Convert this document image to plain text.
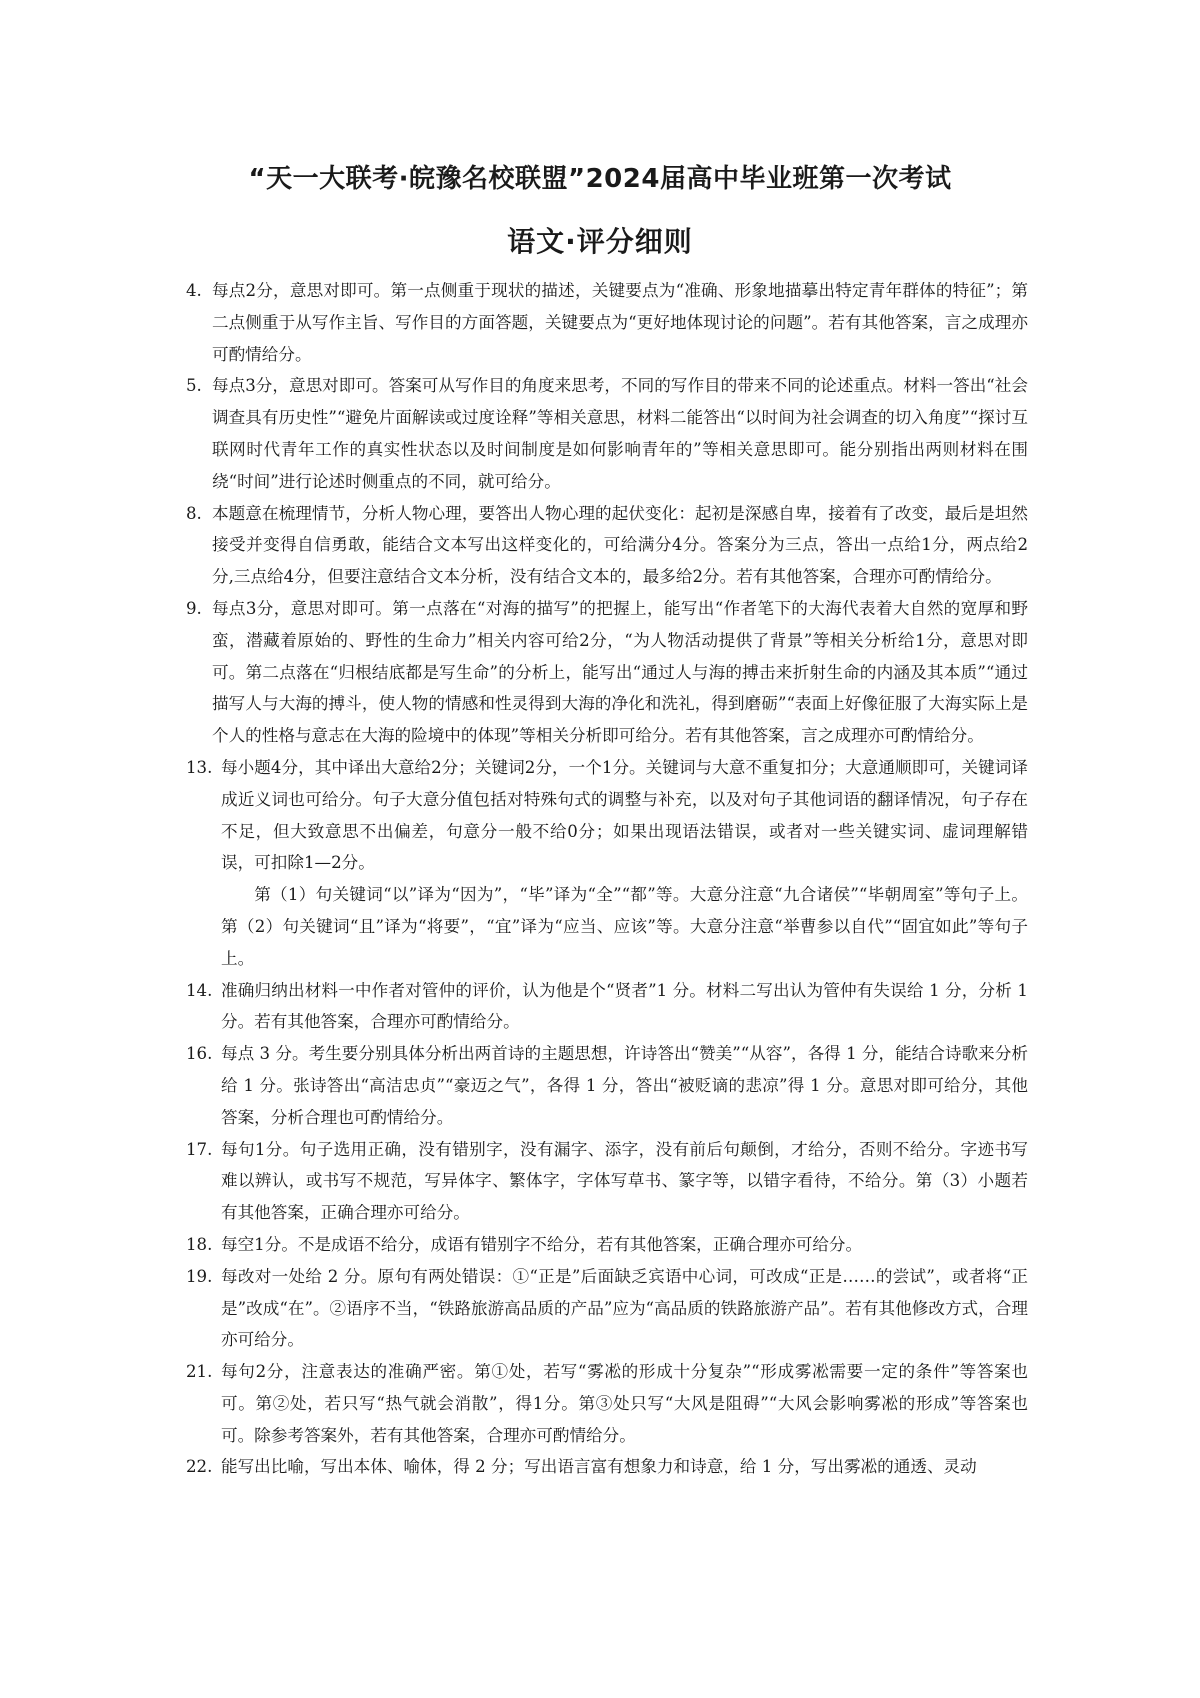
“天一大联考·皖豫名校联盟”2024届高中毕业班第一次考试
语文·评分细则
4. 每点2分，意思对即可。第一点侧重于现状的描述，关键要点为“准确、形象地描摹出特定青年群体的特征”；第二点侧重于从写作主旨、写作目的方面答题，关键要点为“更好地体现讨论的问题”。若有其他答案，言之成理亦可酌情给分。
5. 每点3分，意思对即可。答案可从写作目的角度来思考，不同的写作目的带来不同的论述重点。材料一答出“社会调查具有历史性”“避免片面解读或过度诠释”等相关意思，材料二能答出“以时间为社会调查的切入角度”“探讨互联网时代青年工作的真实性状态以及时间制度是如何影响青年的”等相关意思即可。能分别指出两则材料在围绕“时间”进行论述时侧重点的不同，就可给分。
8. 本题意在梳理情节，分析人物心理，要答出人物心理的起伏变化：起初是深感自卑，接着有了改变，最后是坦然接受并变得自信勇敢，能结合文本写出这样变化的，可给满分4分。答案分为三点，答出一点给1分，两点给2分,三点给4分，但要注意结合文本分析，没有结合文本的，最多给2分。若有其他答案，合理亦可酌情给分。
9. 每点3分，意思对即可。第一点落在“对海的描写”的把握上，能写出“作者笔下的大海代表着大自然的宽厚和野蛮，潜藏着原始的、野性的生命力”相关内容可给2分，“为人物活动提供了背景”等相关分析给1分，意思对即可。第二点落在“归根结底都是写生命”的分析上，能写出“通过人与海的搏击来折射生命的内涵及其本质”“通过描写人与大海的搏斗，使人物的情感和性灵得到大海的净化和洗礼，得到磨砺”“表面上好像征服了大海实际上是个人的性格与意志在大海的险境中的体现”等相关分析即可给分。若有其他答案，言之成理亦可酌情给分。
13. 每小题4分，其中译出大意给2分；关键词2分，一个1分。关键词与大意不重复扣分；大意通顺即可，关键词译成近义词也可给分。句子大意分值包括对特殊句式的调整与补充，以及对句子其他词语的翻译情况，句子存在不足，但大致意思不出偏差，句意分一般不给0分；如果出现语法错误，或者对一些关键实词、虚词理解错误，可扣除1—2分。

第（1）句关键词“以”译为“因为”，“毕”译为“全”“都”等。大意分注意“九合诸侯”“毕朝周室”等句子上。第（2）句关键词“且”译为“将要”，“宜”译为“应当、应该”等。大意分注意“举曹参以自代”“固宜如此”等句子上。

14. 准确归纳出材料一中作者对管仲的评价，认为他是个“贤者”1 分。材料二写出认为管仲有失误给 1 分，分析 1 分。若有其他答案，合理亦可酌情给分。
16. 每点 3 分。考生要分别具体分析出两首诗的主题思想，许诗答出“赞美”“从容”，各得 1 分，能结合诗歌来分析给 1 分。张诗答出“高洁忠贞”“豪迈之气”，各得 1 分，答出“被贬谪的悲凉”得 1 分。意思对即可给分，其他答案，分析合理也可酌情给分。
17. 每句1分。句子选用正确，没有错别字，没有漏字、添字，没有前后句颠倒，才给分，否则不给分。字迹书写难以辨认，或书写不规范，写异体字、繁体字，字体写草书、篆字等，以错字看待，不给分。第（3）小题若有其他答案，正确合理亦可给分。
18. 每空1分。不是成语不给分，成语有错别字不给分，若有其他答案，正确合理亦可给分。
19. 每改对一处给 2 分。原句有两处错误：①“正是”后面缺乏宾语中心词，可改成“正是……的尝试”，或者将“正是”改成“在”。②语序不当，“铁路旅游高品质的产品”应为“高品质的铁路旅游产品”。若有其他修改方式，合理亦可给分。
21. 每句2分，注意表达的准确严密。第①处，若写“雾凇的形成十分复杂”“形成雾凇需要一定的条件”等答案也可。第②处，若只写“热气就会消散”，得1分。第③处只写“大风是阻碍”“大风会影响雾凇的形成”等答案也可。除参考答案外，若有其他答案，合理亦可酌情给分。
22. 能写出比喻，写出本体、喻体，得 2 分；写出语言富有想象力和诗意，给 1 分，写出雾凇的通透、灵动
